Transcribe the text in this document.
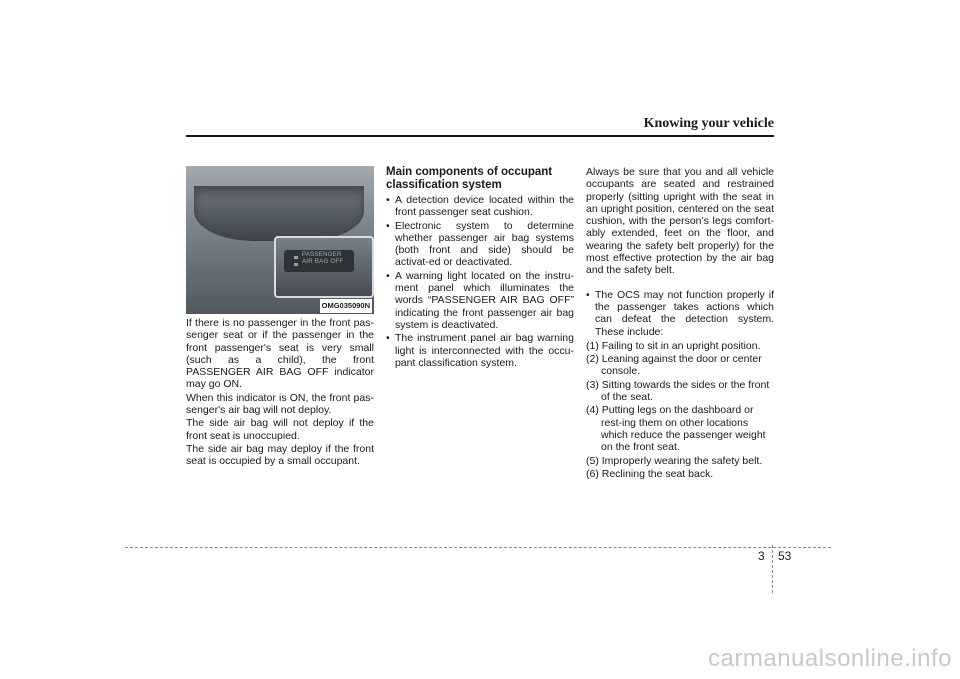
Knowing your vehicle
PASSENGER AIR BAG OFF
OMG035090N

If there is no passenger in the front pas-senger seat or if the passenger in the front passenger's seat is very small (such as a child), the front PASSENGER AIR BAG OFF indicator may go ON.

When this indicator is ON, the front pas-senger's air bag will not deploy.

The side air bag will not deploy if the front seat is unoccupied.

The side air bag may deploy if the front seat is occupied by a small occupant.

Main components of occupant classification system
• A detection device located within the front passenger seat cushion.
• Electronic system to determine whether passenger air bag systems (both front and side) should be activat-ed or deactivated.
• A warning light located on the instru-ment panel which illuminates the words “PASSENGER AIR BAG OFF” indicating the front passenger air bag system is deactivated.
• The instrument panel air bag warning light is interconnected with the occu-pant classification system.

Always be sure that you and all vehicle occupants are seated and restrained properly (sitting upright with the seat in an upright position, centered on the seat cushion, with the person’s legs comfort-ably extended, feet on the floor, and wearing the safety belt properly) for the most effective protection by the air bag and the safety belt.

• The OCS may not function properly if the passenger takes actions which can defeat the detection system. These include:
(1) Failing to sit in an upright position.
(2) Leaning against the door or center console.
(3) Sitting towards the sides or the front of the seat.
(4) Putting legs on the dashboard or rest-ing them on other locations which reduce the passenger weight on the front seat.
(5) Improperly wearing the safety belt.
(6) Reclining the seat back.
3 53
carmanualsonline.info
